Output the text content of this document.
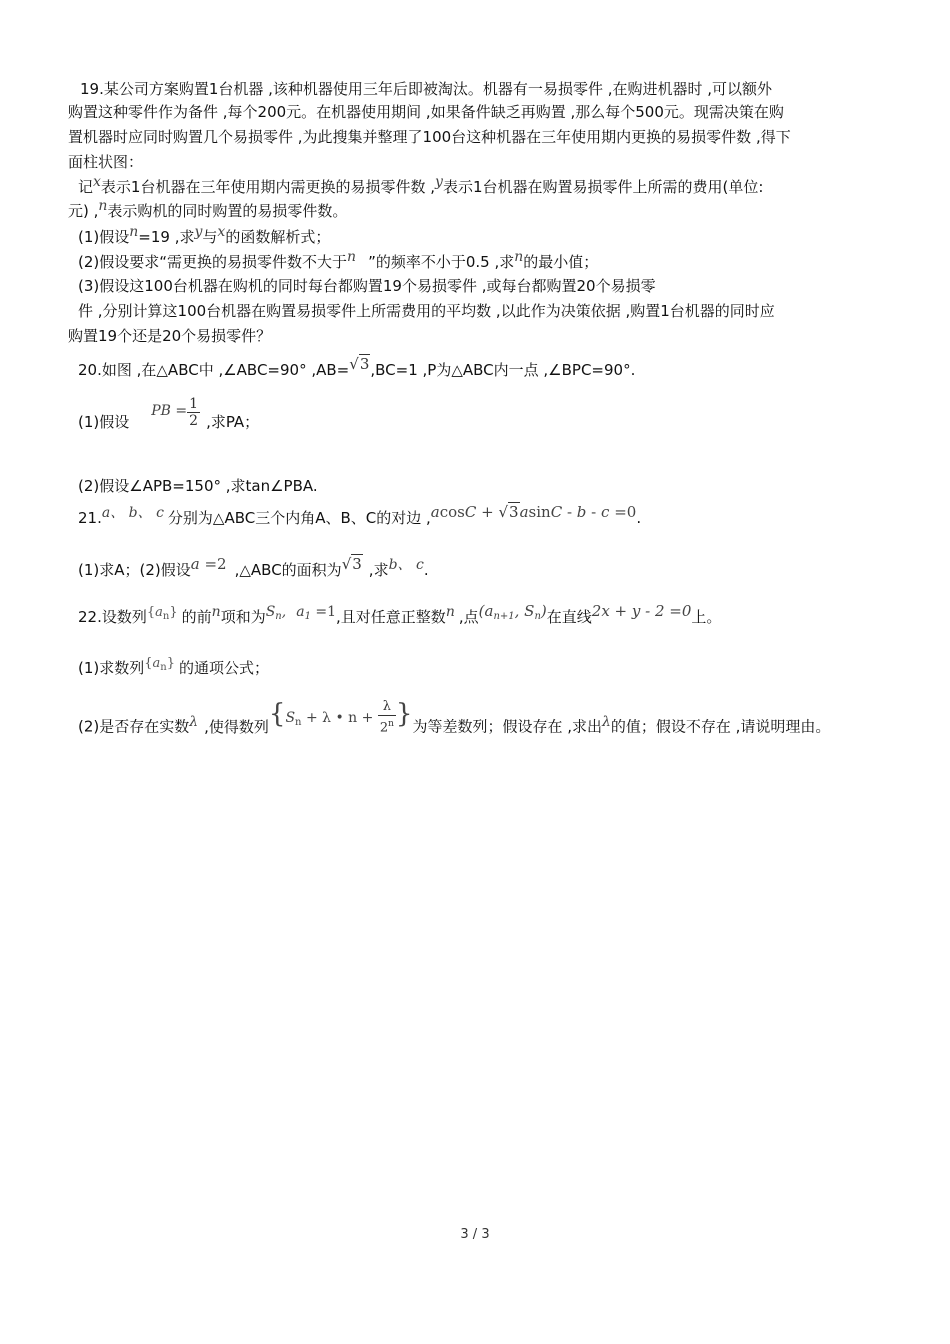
19.某公司方案购置1台机器 ,该种机器使用三年后即被淘汰。机器有一易损零件 ,在购进机器时 ,可以额外
购置这种零件作为备件 ,每个200元。在机器使用期间 ,如果备件缺乏再购置 ,那么每个500元。现需决策在购
置机器时应同时购置几个易损零件 ,为此搜集并整理了100台这种机器在三年使用期内更换的易损零件数 ,得下
面柱状图：
记x表示1台机器在三年使用期内需更换的易损零件数 ,y表示1台机器在购置易损零件上所需的费用(单位:
元) ,n表示购机的同时购置的易损零件数。
(1)假设n=19 ,求y与x的函数解析式；
(2)假设要求“需更换的易损零件数不大于n ”的频率不小于0.5 ,求n的最小值；
(3)假设这100台机器在购机的同时每台都购置19个易损零件 ,或每台都购置20个易损零
件 ,分别计算这100台机器在购置易损零件上所需费用的平均数 ,以此作为决策依据 ,购置1台机器的同时应
购置19个还是20个易损零件？
20.如图 ,在△ABC中 ,∠ABC=90° ,AB=√3,BC=1 ,P为△ABC内一点 ,∠BPC=90°.
(1)假设PB = $\frac{1}{2}$ ,求PA；
(2)假设∠APB=150° ,求tan∠PBA.
21.a、 b、 c 分别为△ABC三个内角A、B、C的对边 ,acosC + √3asinC - b - c =0.
(1)求A；(2)假设a =2 ,△ABC的面积为√3 ,求b、 c.
22.设数列$\{a_n\}$ 的前n项和为$S_n$, $a_1 =1$,且对任意正整数n ,点($a_{n+1}$, $S_n$)在直线2x + y - 2 =0上。
(1)求数列$\{a_n\}$ 的通项公式；
(2)是否存在实数λ ,使得数列{$S_n + \lambda$ • $n + \frac{\lambda}{2^n}$ }为等差数列；假设存在 ,求出λ的值；假设不存在 ,请说明理由。
3 / 3
